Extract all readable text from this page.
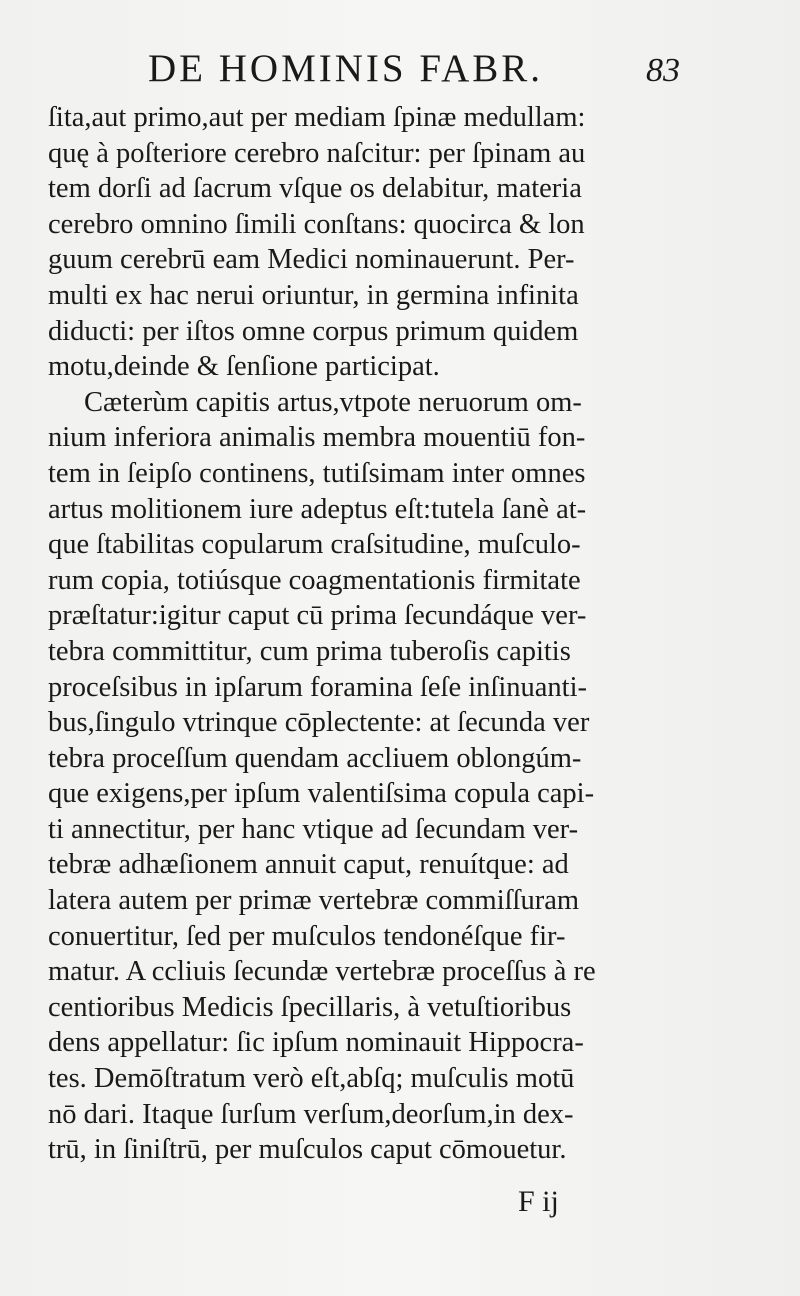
DE HOMINIS FABR.	83
ſita,aut primo,aut per mediam ſpinæ medullam:
quę à poſteriore cerebro naſcitur: per ſpinam au
tem dorſi ad ſacrum vſque os delabitur, materia
cerebro omnino ſimili conſtans: quocirca & lon
guum cerebrū eam Medici nominauerunt. Per-
multi ex hac nerui oriuntur, in germina infinita
diducti: per iſtos omne corpus primum quidem
motu,deinde & ſenſione participat.
Cæterùm capitis artus,vtpote neruorum om-
nium inferiora animalis membra mouentiū fon-
tem in ſeipſo continens, tutiſsimam inter omnes
artus molitionem iure adeptus eſt:tutela ſanè at-
que ſtabilitas copularum craſsitudine, muſculo-
rum copia, totiúsque coagmentationis firmitate
præſtatur:igitur caput cū prima ſecundáque ver-
tebra committitur, cum prima tuberoſis capitis
proceſsibus in ipſarum foramina ſeſe inſinuanti-
bus,ſingulo vtrinque cōplectente: at ſecunda ver
tebra proceſſum quendam accliuem oblongúm-
que exigens,per ipſum valentiſsima copula capi-
ti annectitur, per hanc vtique ad ſecundam ver-
tebræ adhæſionem annuit caput, renuítque: ad
latera autem per primæ vertebræ commiſſuram
conuertitur, ſed per muſculos tendonéſque fir-
matur. A ccliuis ſecundæ vertebræ proceſſus à re
centioribus Medicis ſpecillaris, à vetuſtioribus
dens appellatur: ſic ipſum nominauit Hippocra-
tes. Demōſtratum verò eſt,abſq; muſculis motū
nō dari. Itaque ſurſum verſum,deorſum,in dex-
trū, in ſiniſtrū, per muſculos caput cōmouetur.
F ij
